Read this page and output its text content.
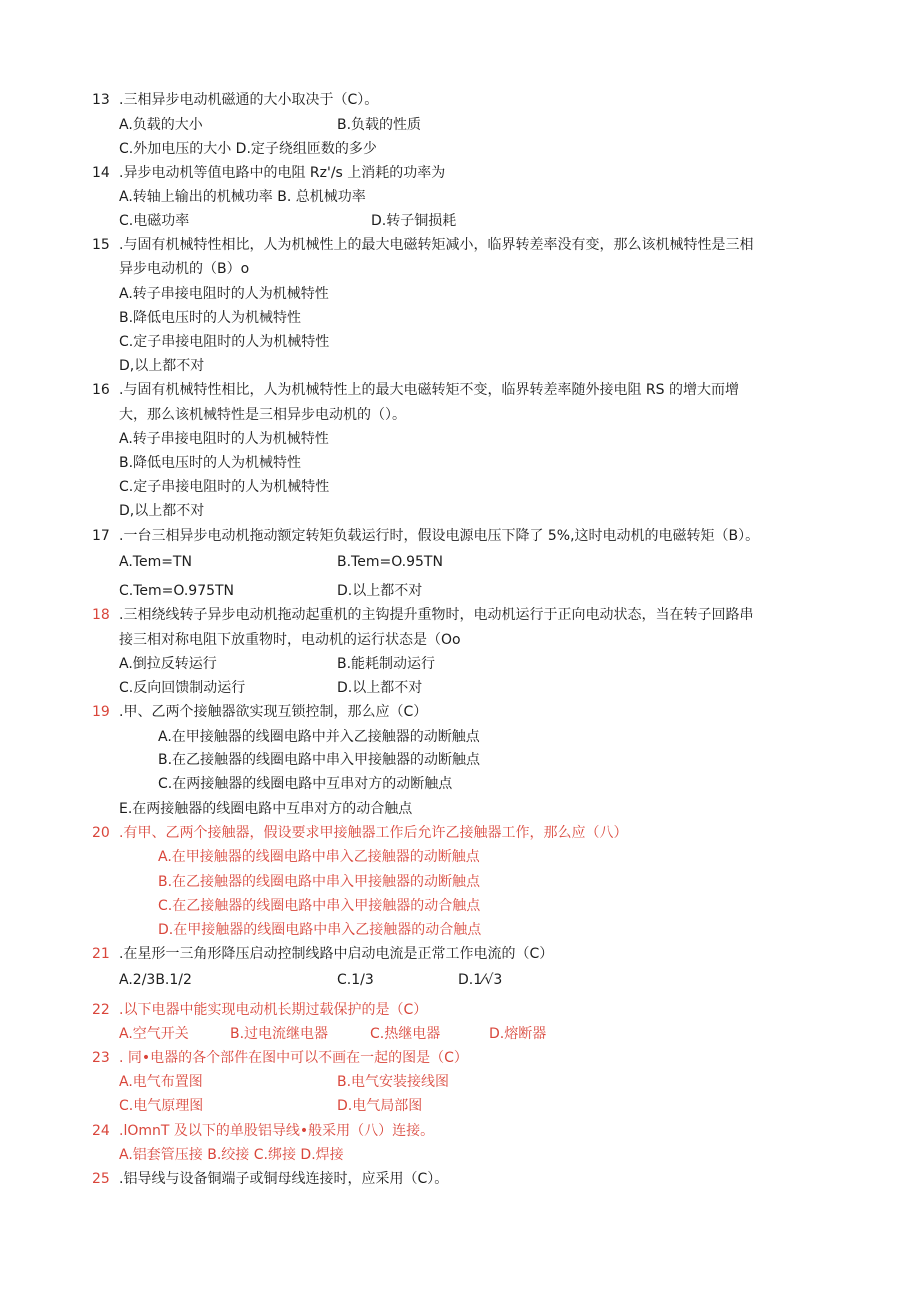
13 .三相异步电动机磁通的大小取决于（C）。
A.负载的大小	B.负载的性质
C.外加电压的大小 D.定子绕组匝数的多少
14 .异步电动机等值电路中的电阻 Rz'/s 上消耗的功率为
A.转轴上输出的机械功率 B. 总机械功率
C.电磁功率	D.转子铜损耗
15 .与固有机械特性相比，人为机械性上的最大电磁转矩减小，临界转差率没有变，那么该机械特性是三相
异步电动机的（B）o
A.转子串接电阻时的人为机械特性
B.降低电压时的人为机械特性
C.定子串接电阻时的人为机械特性
D,以上都不对
16 .与固有机械特性相比，人为机械特性上的最大电磁转矩不变，临界转差率随外接电阻 RS 的增大而增
大，那么该机械特性是三相异步电动机的（）。
A.转子串接电阻时的人为机械特性
B.降低电压时的人为机械特性
C.定子串接电阻时的人为机械特性
D,以上都不对
17 .一台三相异步电动机拖动额定转矩负载运行时，假设电源电压下降了 5%,这时电动机的电磁转矩（B）。
A.Tem=TN	B.Tem=O.95TN
C.Tem=O.975TN	D.以上都不对
18 .三相绕线转子异步电动机拖动起重机的主钩提升重物时，电动机运行于正向电动状态，当在转子回路串
接三相对称电阻下放重物时，电动机的运行状态是（Oo
A.倒拉反转运行	B.能耗制动运行
C.反向回馈制动运行	D.以上都不对
19 .甲、乙两个接触器欲实现互锁控制，那么应（C）
A.在甲接触器的线圈电路中并入乙接触器的动断触点
B.在乙接触器的线圈电路中串入甲接触器的动断触点
C.在两接触器的线圈电路中互串对方的动断触点
E.在两接触器的线圈电路中互串对方的动合触点
20 .有甲、乙两个接触器，假设要求甲接触器工作后允许乙接触器工作，那么应（八）
A.在甲接触器的线圈电路中串入乙接触器的动断触点
B.在乙接触器的线圈电路中串入甲接触器的动断触点
C.在乙接触器的线圈电路中串入甲接触器的动合触点
D.在甲接触器的线圈电路中串入乙接触器的动合触点
21 .在星形一三角形降压启动控制线路中启动电流是正常工作电流的（C）
A.2/3B.1/2	C.1/3	D.1⁄√3
22 .以下电器中能实现电动机长期过载保护的是（C）
A.空气开关	B.过电流继电器	C.热继电器	D.熔断器
23 . 同•电器的各个部件在图中可以不画在一起的图是（C）
A.电气布置图	B.电气安装接线图
C.电气原理图	D.电气局部图
24 .lOmnT 及以下的单股铝导线•般采用（八）连接。
A.铝套管压接 B.绞接 C.绑接 D.焊接
25 .铝导线与设备铜端子或铜母线连接时，应采用（C）。
